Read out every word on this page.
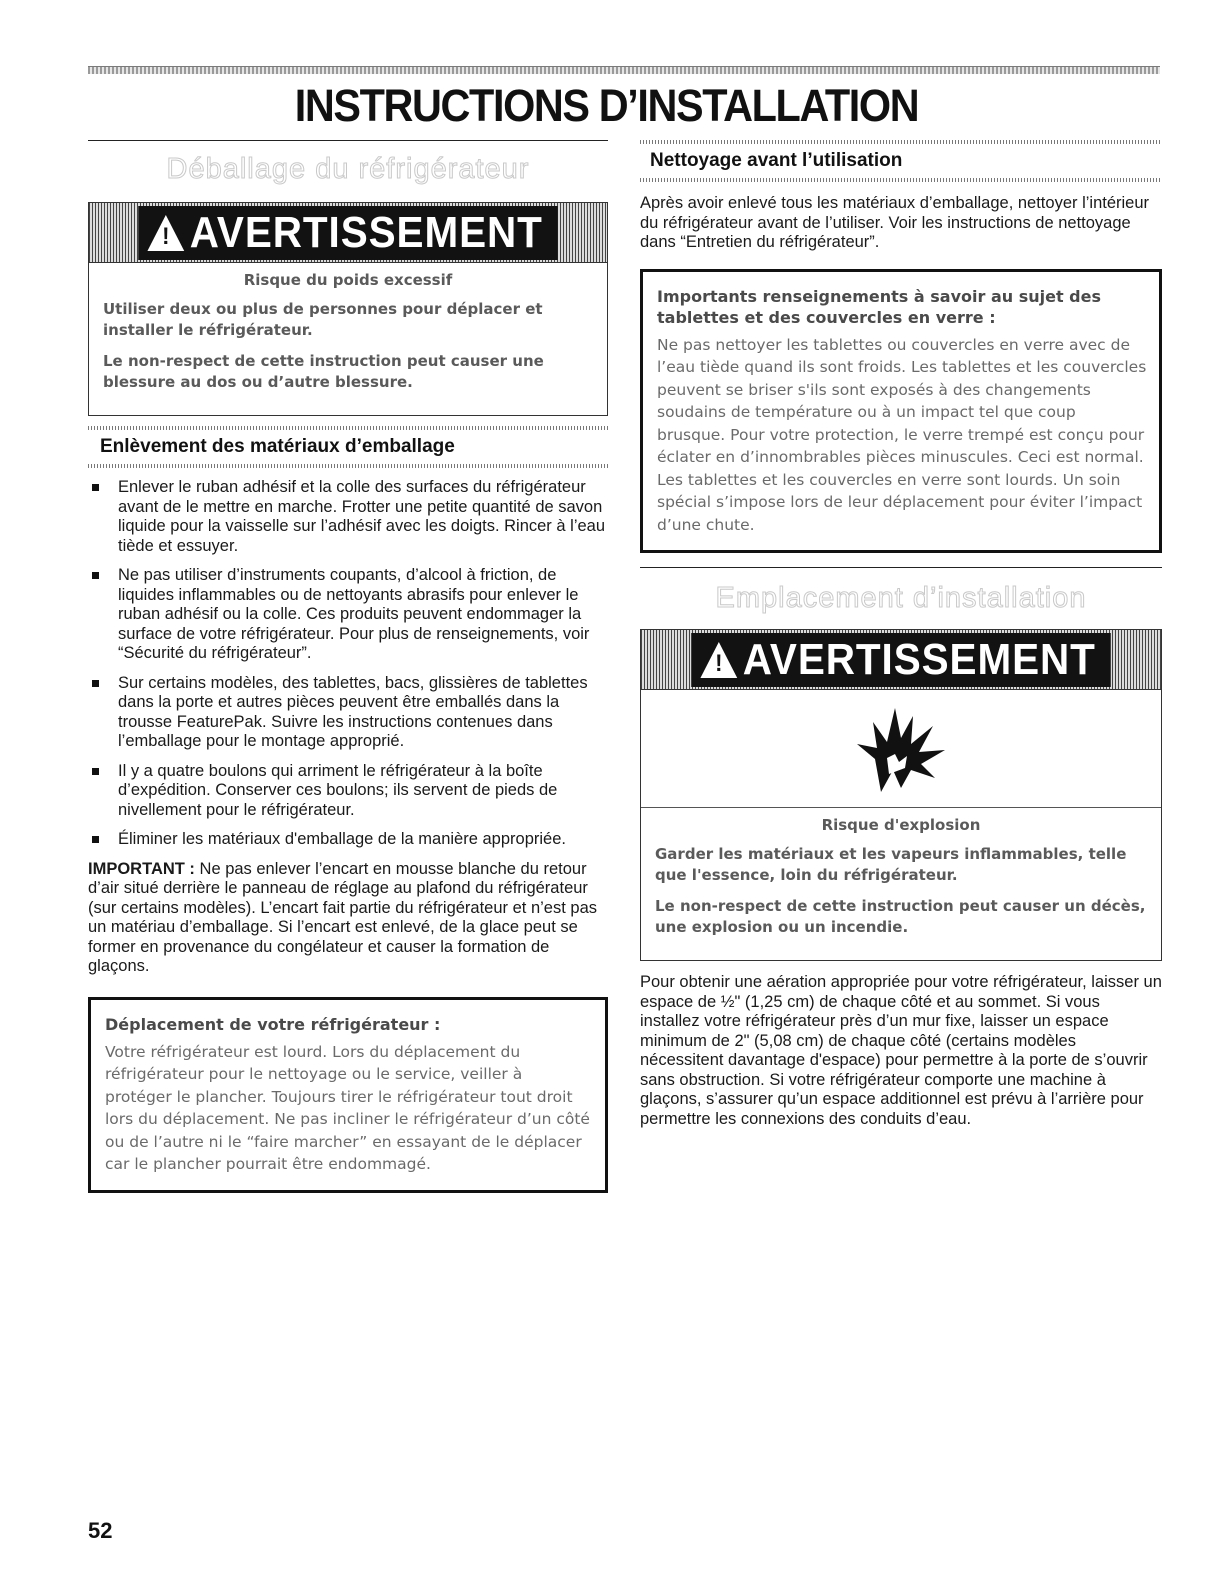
INSTRUCTIONS D’INSTALLATION
Déballage du réfrigérateur
!
AVERTISSEMENT
Risque du poids excessif

Utiliser deux ou plus de personnes pour déplacer et installer le réfrigérateur.

Le non-respect de cette instruction peut causer une blessure au dos ou d’autre blessure.

Enlèvement des matériaux d’emballage
Enlever le ruban adhésif et la colle des surfaces du réfrigérateur avant de le mettre en marche. Frotter une petite quantité de savon liquide pour la vaisselle sur l’adhésif avec les doigts. Rincer à l’eau tiède et essuyer.
Ne pas utiliser d’instruments coupants, d’alcool à friction, de liquides inflammables ou de nettoyants abrasifs pour enlever le ruban adhésif ou la colle. Ces produits peuvent endommager la surface de votre réfrigérateur. Pour plus de renseignements, voir “Sécurité du réfrigérateur”.
Sur certains modèles, des tablettes, bacs, glissières de tablettes dans la porte et autres pièces peuvent être emballés dans la trousse FeaturePak. Suivre les instructions contenues dans l’emballage pour le montage approprié.
Il y a quatre boulons qui arriment le réfrigérateur à la boîte d’expédition. Conserver ces boulons; ils servent de pieds de nivellement pour le réfrigérateur.
Éliminer les matériaux d'emballage de la manière appropriée.

IMPORTANT : Ne pas enlever l’encart en mousse blanche du retour d’air situé derrière le panneau de réglage au plafond du réfrigérateur (sur certains modèles). L’encart fait partie du réfrigérateur et n’est pas un matériau d’emballage. Si l’encart est enlevé, de la glace peut se former en provenance du congélateur et causer la formation de glaçons.

Déplacement de votre réfrigérateur :
Votre réfrigérateur est lourd. Lors du déplacement du réfrigérateur pour le nettoyage ou le service, veiller à protéger le plancher. Toujours tirer le réfrigérateur tout droit lors du déplacement. Ne pas incliner le réfrigérateur d’un côté ou de l’autre ni le “faire marcher” en essayant de le déplacer car le plancher pourrait être endommagé.
Nettoyage avant l’utilisation

Après avoir enlevé tous les matériaux d’emballage, nettoyer l’intérieur du réfrigérateur avant de l’utiliser. Voir les instructions de nettoyage dans “Entretien du réfrigérateur”.

Importants renseignements à savoir au sujet des tablettes et des couvercles en verre :
Ne pas nettoyer les tablettes ou couvercles en verre avec de l’eau tiède quand ils sont froids. Les tablettes et les couvercles peuvent se briser s'ils sont exposés à des changements soudains de température ou à un impact tel que coup brusque. Pour votre protection, le verre trempé est conçu pour éclater en d’innombrables pièces minuscules. Ceci est normal. Les tablettes et les couvercles en verre sont lourds. Un soin spécial s’impose lors de leur déplacement pour éviter l’impact d’une chute.
Emplacement d’installation
!
AVERTISSEMENT
Risque d'explosion

Garder les matériaux et les vapeurs inflammables, telle que l'essence, loin du réfrigérateur.

Le non-respect de cette instruction peut causer un décès, une explosion ou un incendie.

Pour obtenir une aération appropriée pour votre réfrigérateur, laisser un espace de ½" (1,25 cm) de chaque côté et au sommet. Si vous installez votre réfrigérateur près d’un mur fixe, laisser un espace minimum de 2" (5,08 cm) de chaque côté (certains modèles nécessitent davantage d'espace) pour permettre à la porte de s’ouvrir sans obstruction. Si votre réfrigérateur comporte une machine à glaçons, s’assurer qu’un espace additionnel est prévu à l’arrière pour permettre les connexions des conduits d’eau.

52
